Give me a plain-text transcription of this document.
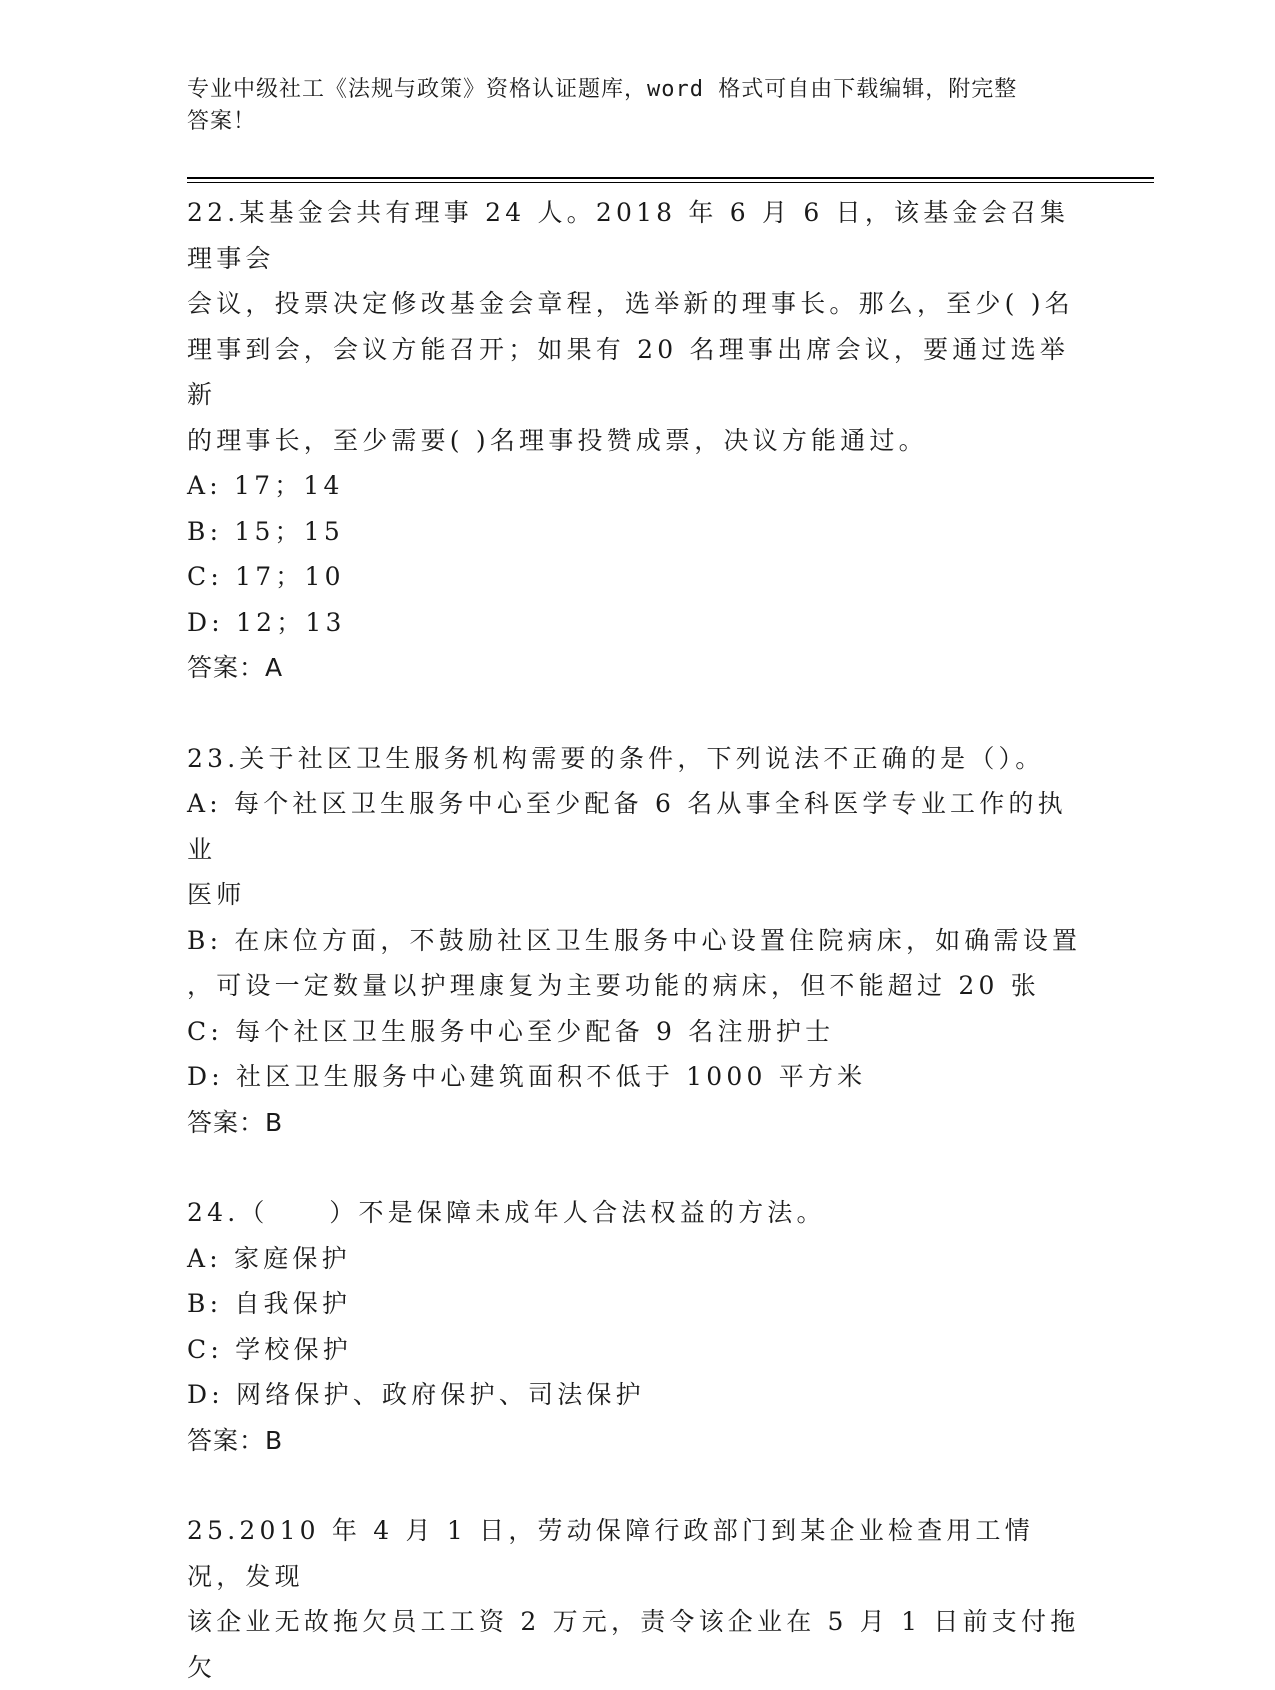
专业中级社工《法规与政策》资格认证题库，word 格式可自由下载编辑，附完整
答案！

22.某基金会共有理事 24 人。2018 年 6 月 6 日，该基金会召集理事会

会议，投票决定修改基金会章程，选举新的理事长。那么，至少( )名

理事到会，会议方能召开；如果有 20 名理事出席会议，要通过选举新

的理事长，至少需要( )名理事投赞成票，决议方能通过。

A: 17；14

B: 15；15

C: 17；10

D: 12；13

答案：A

23.关于社区卫生服务机构需要的条件，下列说法不正确的是（）。

A: 每个社区卫生服务中心至少配备 6 名从事全科医学专业工作的执业

医师

B: 在床位方面，不鼓励社区卫生服务中心设置住院病床，如确需设置

，可设一定数量以护理康复为主要功能的病床，但不能超过 20 张

C: 每个社区卫生服务中心至少配备 9 名注册护士

D: 社区卫生服务中心建筑面积不低于 1000 平方米

答案：B

24.（     ）不是保障未成年人合法权益的方法。

A: 家庭保护

B: 自我保护

C: 学校保护

D: 网络保护、政府保护、司法保护

答案：B

25.2010 年 4 月 1 日，劳动保障行政部门到某企业检查用工情况，发现

该企业无故拖欠员工工资 2 万元，责令该企业在 5 月 1 日前支付拖欠
